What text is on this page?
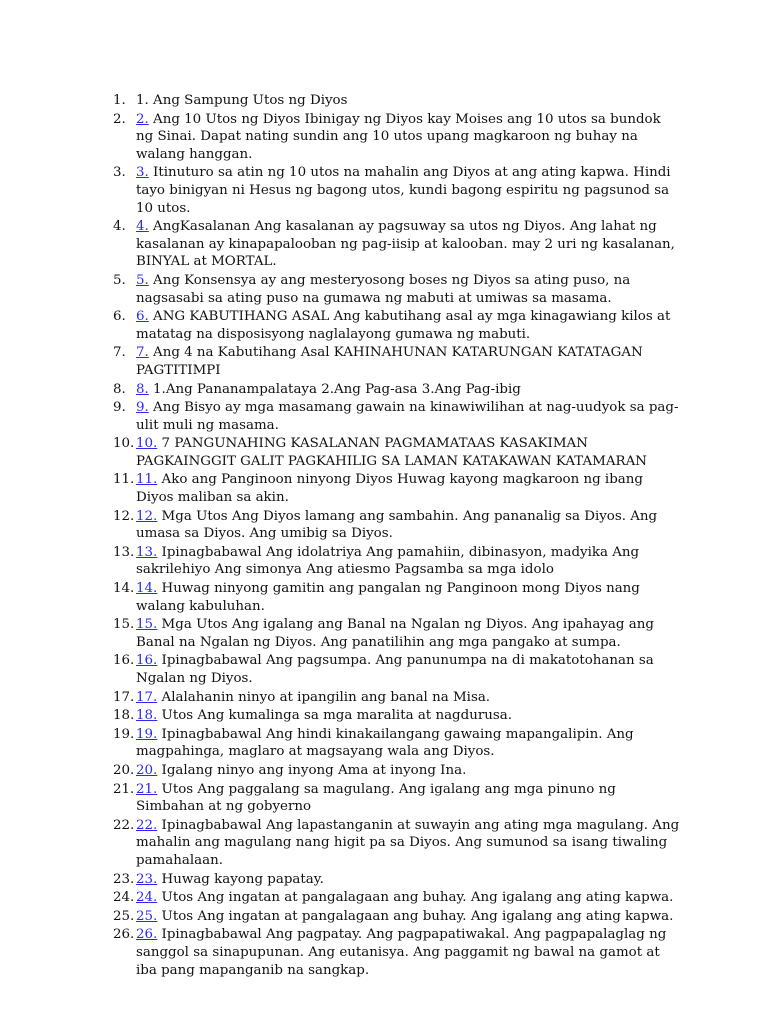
1. 1. Ang Sampung Utos ng Diyos
2. 2. Ang 10 Utos ng Diyos Ibinigay ng Diyos kay Moises ang 10 utos sa bundok ng Sinai. Dapat nating sundin ang 10 utos upang magkaroon ng buhay na walang hanggan.
3. 3. Itinuturo sa atin ng 10 utos na mahalin ang Diyos at ang ating kapwa. Hindi tayo binigyan ni Hesus ng bagong utos, kundi bagong espiritu ng pagsunod sa 10 utos.
4. 4. AngKasalanan Ang kasalanan ay pagsuway sa utos ng Diyos. Ang lahat ng kasalanan ay kinapapalooban ng pag-iisip at kalooban. may 2 uri ng kasalanan, BINYAL at MORTAL.
5. 5. Ang Konsensya ay ang mesteryosong boses ng Diyos sa ating puso, na nagsasabi sa ating puso na gumawa ng mabuti at umiwas sa masama.
6. 6. ANG KABUTIHANG ASAL Ang kabutihang asal ay mga kinagawiang kilos at matatag na disposisyong naglalayong gumawa ng mabuti.
7. 7. Ang 4 na Kabutihang Asal KAHINAHUNAN KATARUNGAN KATATAGAN PAGTITIMPI
8. 8. 1.Ang Pananampalataya 2.Ang Pag-asa 3.Ang Pag-ibig
9. 9. Ang Bisyo ay mga masamang gawain na kinawiwilihan at nag-uudyok sa pag-ulit muli ng masama.
10. 10. 7 PANGUNAHING KASALANAN PAGMAMATAAS KASAKIMAN PAGKAINGGIT GALIT PAGKAHILIG SA LAMAN KATAKAWAN KATAMARAN
11. 11. Ako ang Panginoon ninyong Diyos Huwag kayong magkaroon ng ibang Diyos maliban sa akin.
12. 12. Mga Utos Ang Diyos lamang ang sambahin. Ang pananalig sa Diyos. Ang umasa sa Diyos. Ang umibig sa Diyos.
13. 13. Ipinagbabawal Ang idolatriya Ang pamahiin, dibinasyon, madyika Ang sakrilehiyo Ang simonya Ang atiesmo Pagsamba sa mga idolo
14. 14. Huwag ninyong gamitin ang pangalan ng Panginoon mong Diyos nang walang kabuluhan.
15. 15. Mga Utos Ang igalang ang Banal na Ngalan ng Diyos. Ang ipahayag ang Banal na Ngalan ng Diyos. Ang panatilihin ang mga pangako at sumpa.
16. 16. Ipinagbabawal Ang pagsumpa. Ang panunumpa na di makatotohanan sa Ngalan ng Diyos.
17. 17. Alalahanin ninyo at ipangilin ang banal na Misa.
18. 18. Utos Ang kumalinga sa mga maralita at nagdurusa.
19. 19. Ipinagbabawal Ang hindi kinakailangang gawaing mapangalipin. Ang magpahinga, maglaro at magsayang wala ang Diyos.
20. 20. Igalang ninyo ang inyong Ama at inyong Ina.
21. 21. Utos Ang paggalang sa magulang. Ang igalang ang mga pinuno ng Simbahan at ng gobyerno
22. 22. Ipinagbabawal Ang lapastanganin at suwayin ang ating mga magulang. Ang mahalin ang magulang nang higit pa sa Diyos. Ang sumunod sa isang tiwaling pamahalaan.
23. 23. Huwag kayong papatay.
24. 24. Utos Ang ingatan at pangalagaan ang buhay. Ang igalang ang ating kapwa.
25. 25. Utos Ang ingatan at pangalagaan ang buhay. Ang igalang ang ating kapwa.
26. 26. Ipinagbabawal Ang pagpatay. Ang pagpapatiwakal. Ang pagpapalaglag ng sanggol sa sinapupunan. Ang eutanisya. Ang paggamit ng bawal na gamot at iba pang mapanganib na sangkap.
